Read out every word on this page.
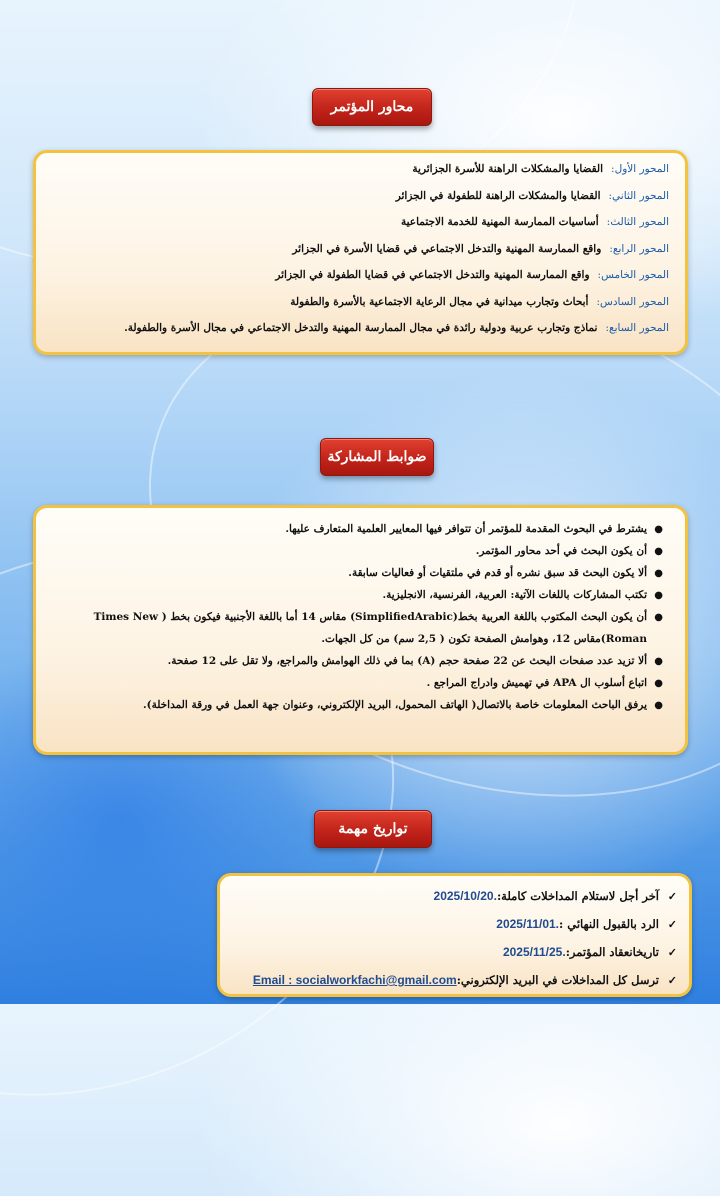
محاور المؤتمر
المحور الأول:
القضايا والمشكلات الراهنة للأسرة الجزائرية
المحور الثاني:
القضايا والمشكلات الراهنة للطفولة في الجزائر
المحور الثالث:
أساسيات الممارسة المهنية للخدمة الاجتماعية
المحور الرابع:
واقع الممارسة المهنية والتدخل الاجتماعي في قضايا الأسرة في الجزائر
المحور الخامس:
واقع الممارسة المهنية والتدخل الاجتماعي في قضايا الطفولة في الجزائر
المحور السادس:
أبحاث وتجارب ميدانية في مجال الرعاية الاجتماعية بالأسرة والطفولة
المحور السابع:
نماذج وتجارب عربية ودولية رائدة في مجال الممارسة المهنية والتدخل الاجتماعي في مجال الأسرة والطفولة.
ضوابط المشاركة
●
يشترط في البحوث المقدمة للمؤتمر أن تتوافر فيها المعايير العلمية المتعارف عليها.
●
أن يكون البحث في أحد محاور المؤتمر.
●
ألا يكون البحث قد سبق نشره أو قدم في ملتقيات أو فعاليات سابقة.
●
تكتب المشاركات باللغات الآتية: العربية، الفرنسية، الانجليزية.
●
أن يكون البحث المكتوب باللغة العربية بخط(SimplifiedArabic) مقاس 14 أما باللغة الأجنبية فيكون بخط ( Times New Roman)مقاس 12، وهوامش الصفحة تكون ( 2,5 سم) من كل الجهات.
●
ألا تزيد عدد صفحات البحث عن 22 صفحة حجم (A) بما في ذلك الهوامش والمراجع، ولا تقل على 12 صفحة.
●
اتباع أسلوب ال APA في تهميش وادراج المراجع .
●
يرفق الباحث المعلومات خاصة بالاتصال( الهاتف المحمول، البريد الإلكتروني، وعنوان جهة العمل في ورقة المداخلة).
تواريخ مهمة
✓
آخر أجل لاستلام المداخلات كاملة:
2025/10/20.
✓
الرد بالقبول النهائي :
2025/11/01.
✓
تاريخانعقاد المؤتمر:
2025/11/25.
✓
ترسل كل المداخلات في البريد الإلكتروني:
Email : socialworkfachi@gmail.com
